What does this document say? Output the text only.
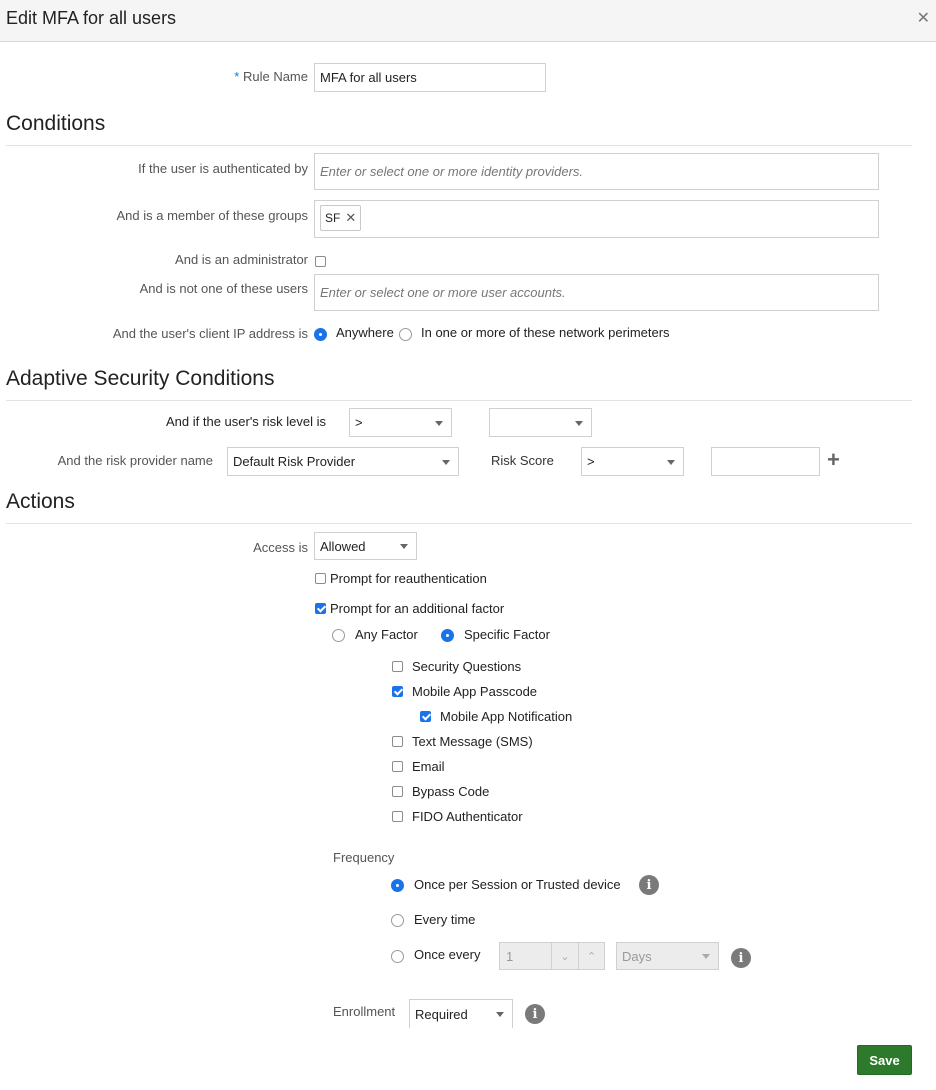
Edit MFA for all users	✕
* Rule Name MFA for all users
Conditions
If the user is authenticated by Enter or select one or more identity providers.
And is a member of these groups SF ✕
And is an administrator
And is not one of these users Enter or select one or more user accounts.
And the user's client IP address is Anywhere In one or more of these network perimeters
Adaptive Security Conditions
And if the user's risk level is >
And the risk provider name Default Risk Provider	Risk Score	>	+
Actions
Access is Allowed
Prompt for reauthentication
Prompt for an additional factor
Any Factor	Specific Factor
Security Questions
Mobile App Passcode
Mobile App Notification
Text Message (SMS)
Email
Bypass Code
FIDO Authenticator
Frequency
Once per Session or Trusted device	i
Every time
Once every	1	⌄	⌃	Days	i
Enrollment Required	i
Save
